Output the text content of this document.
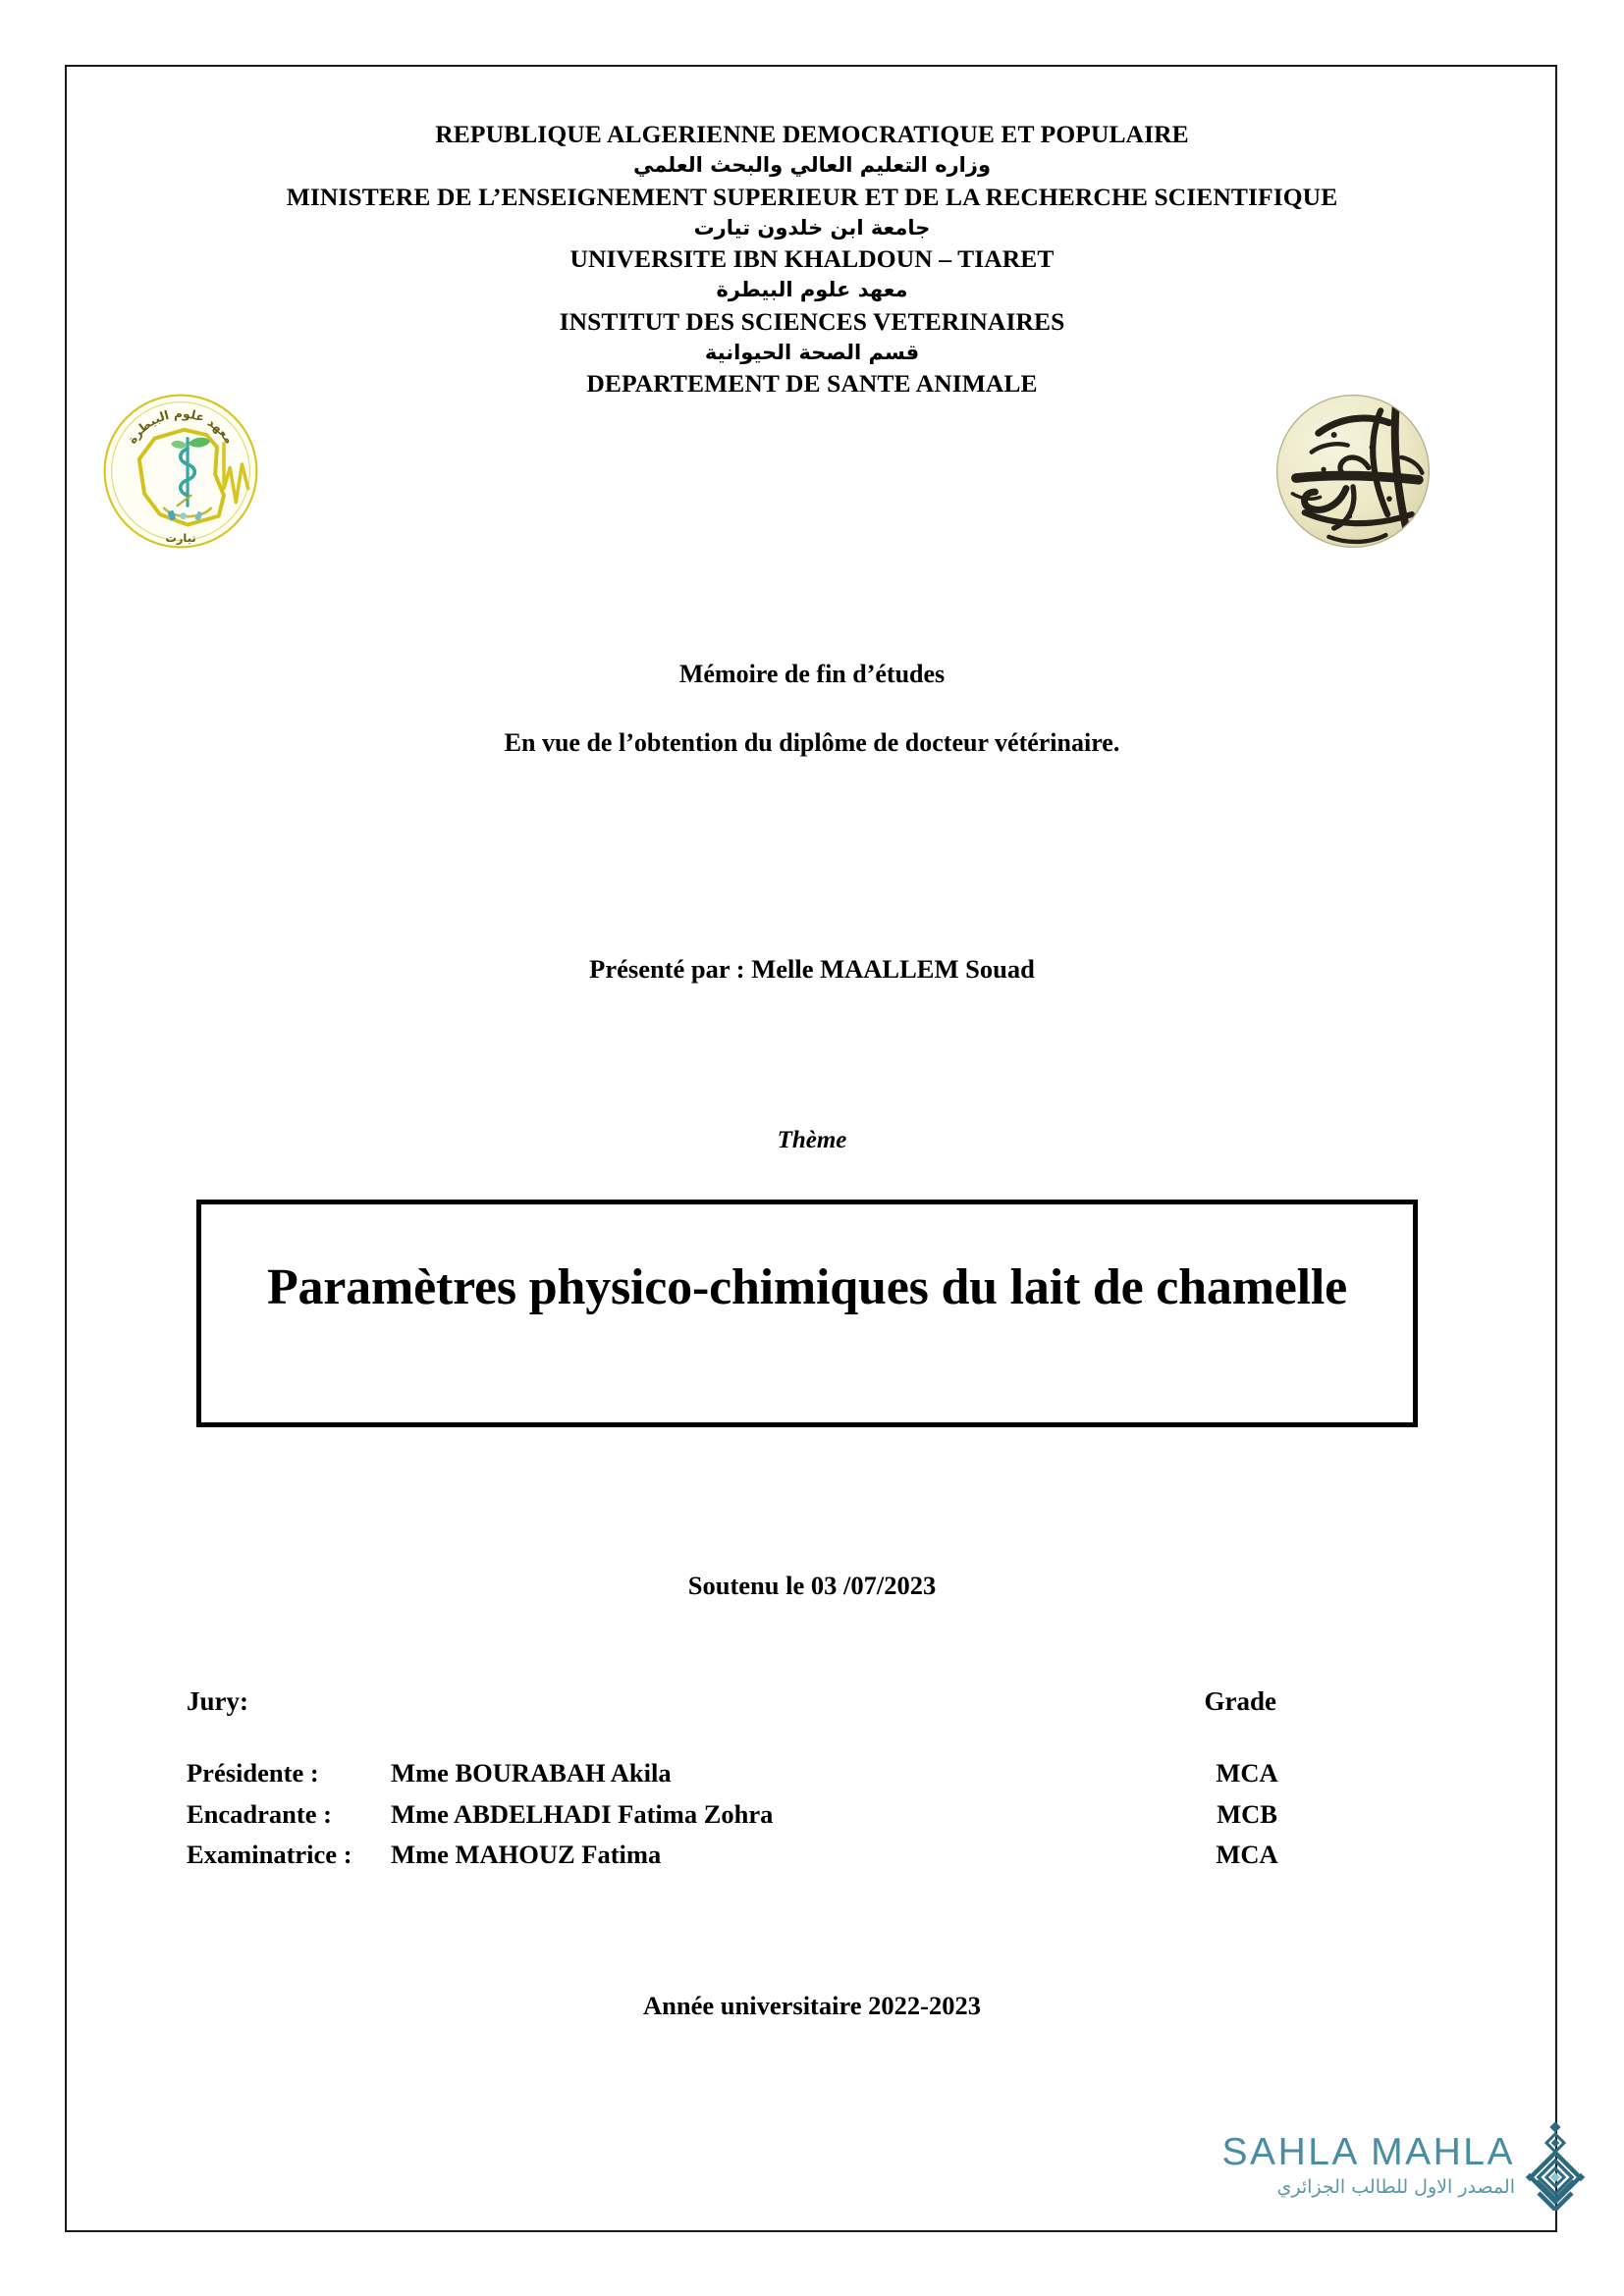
REPUBLIQUE ALGERIENNE DEMOCRATIQUE ET POPULAIRE
وزاره التعليم العالي والبحث العلمي
MINISTERE DE L’ENSEIGNEMENT SUPERIEUR ET DE LA RECHERCHE SCIENTIFIQUE
جامعة ابن خلدون تيارت
UNIVERSITE IBN KHALDOUN – TIARET
معهد علوم البيطرة
INSTITUT DES SCIENCES VETERINAIRES
قسم الصحة الحيوانية
DEPARTEMENT DE SANTE ANIMALE
معهد علوم البيطرة
تيارت
Mémoire de fin d’études
En vue de l’obtention du diplôme de docteur vétérinaire.
Présenté par : Melle MAALLEM Souad
Thème
Paramètres physico-chimiques du lait de chamelle
Soutenu le 03 /07/2023
Jury:	Grade
Présidente :	Mme BOURABAH Akila	MCA
Encadrante :	Mme ABDELHADI Fatima Zohra	MCB
Examinatrice :	Mme MAHOUZ Fatima	MCA
Année universitaire 2022-2023
SAHLA MAHLA
المصدر الاول للطالب الجزائري
